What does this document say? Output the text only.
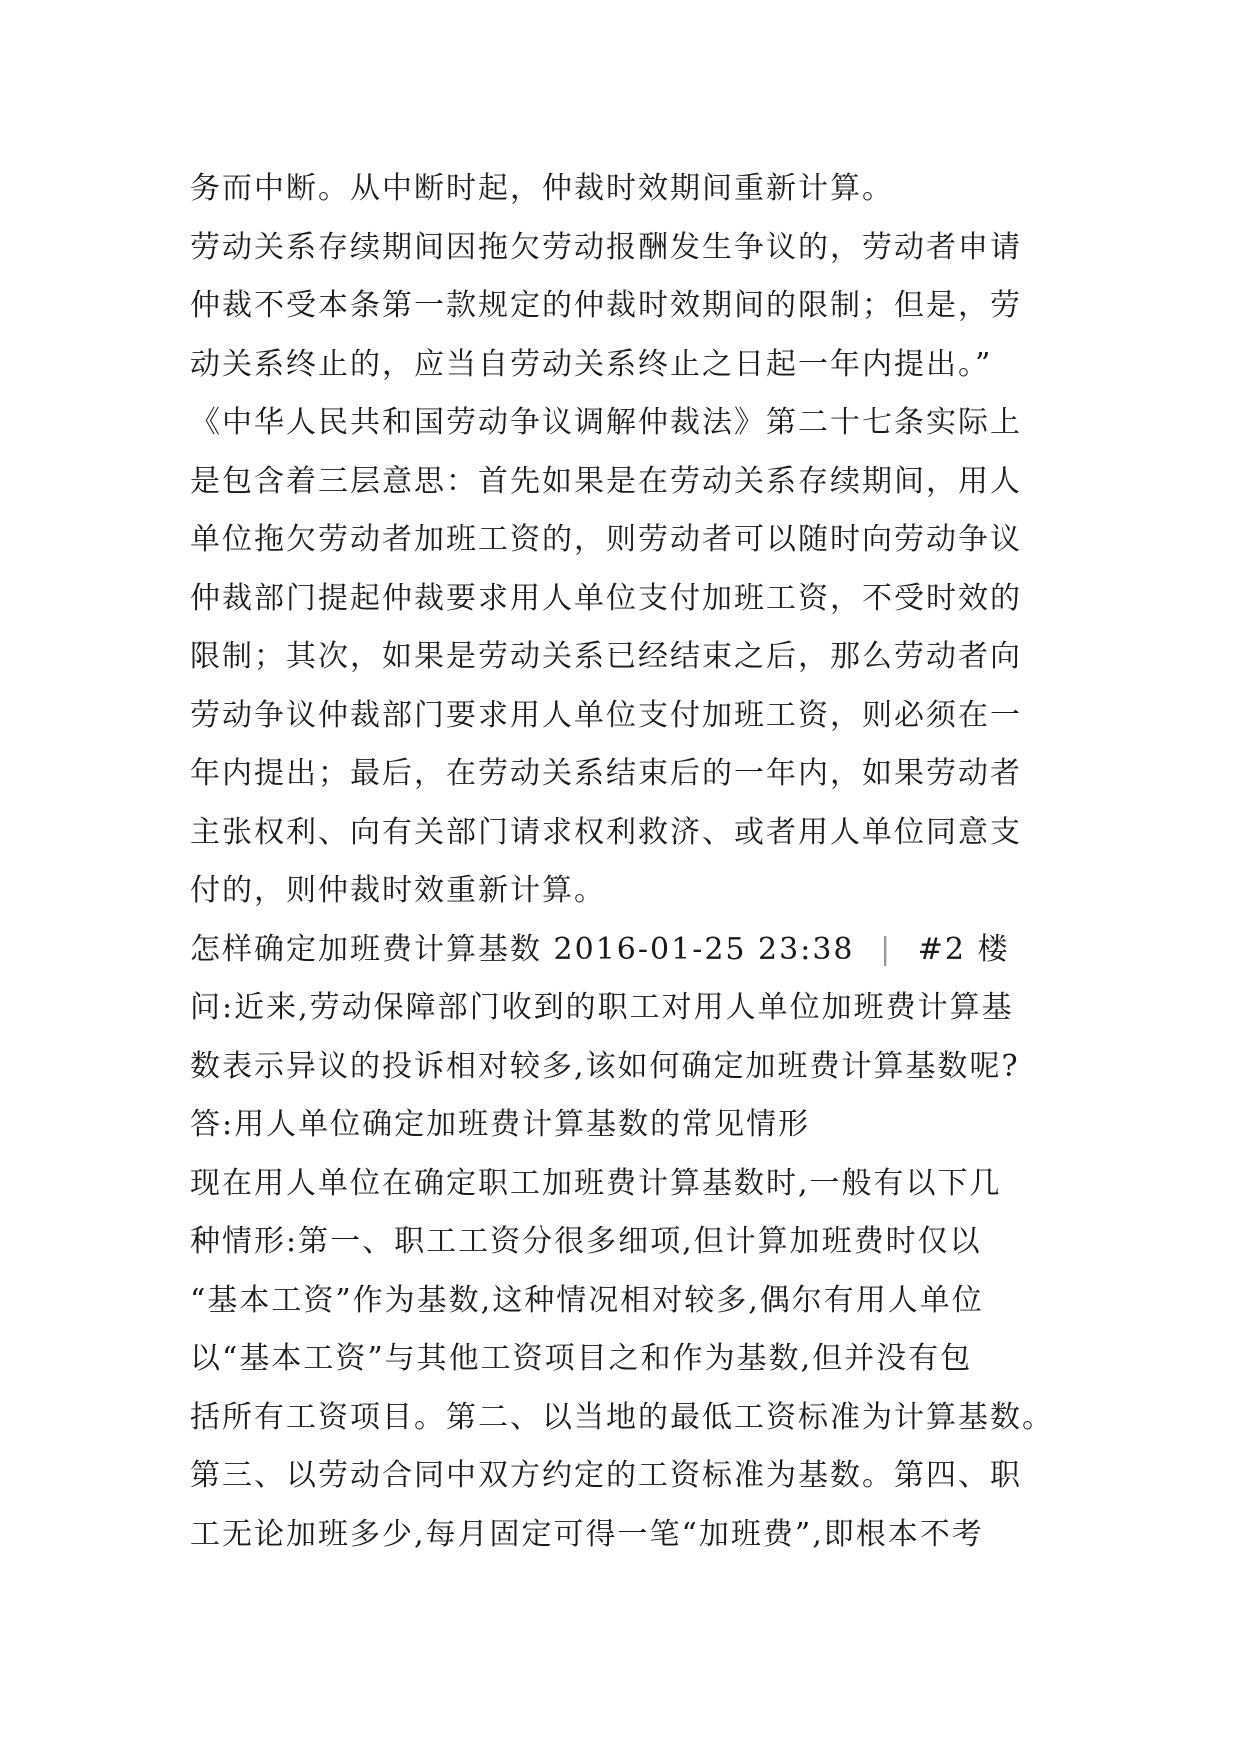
务而中断。从中断时起，仲裁时效期间重新计算。
劳动关系存续期间因拖欠劳动报酬发生争议的，劳动者申请
仲裁不受本条第一款规定的仲裁时效期间的限制；但是，劳
动关系终止的，应当自劳动关系终止之日起一年内提出。”
《中华人民共和国劳动争议调解仲裁法》第二十七条实际上
是包含着三层意思：首先如果是在劳动关系存续期间，用人
单位拖欠劳动者加班工资的，则劳动者可以随时向劳动争议
仲裁部门提起仲裁要求用人单位支付加班工资，不受时效的
限制；其次，如果是劳动关系已经结束之后，那么劳动者向
劳动争议仲裁部门要求用人单位支付加班工资，则必须在一
年内提出；最后，在劳动关系结束后的一年内，如果劳动者
主张权利、向有关部门请求权利救济、或者用人单位同意支
付的，则仲裁时效重新计算。
怎样确定加班费计算基数 2016-01-25 23:38 | #2 楼
问:近来,劳动保障部门收到的职工对用人单位加班费计算基
数表示异议的投诉相对较多,该如何确定加班费计算基数呢?
答:用人单位确定加班费计算基数的常见情形
现在用人单位在确定职工加班费计算基数时,一般有以下几
种情形:第一、职工工资分很多细项,但计算加班费时仅以
“基本工资”作为基数,这种情况相对较多,偶尔有用人单位
以“基本工资”与其他工资项目之和作为基数,但并没有包
括所有工资项目。第二、以当地的最低工资标准为计算基数。
第三、以劳动合同中双方约定的工资标准为基数。第四、职
工无论加班多少,每月固定可得一笔“加班费”,即根本不考
